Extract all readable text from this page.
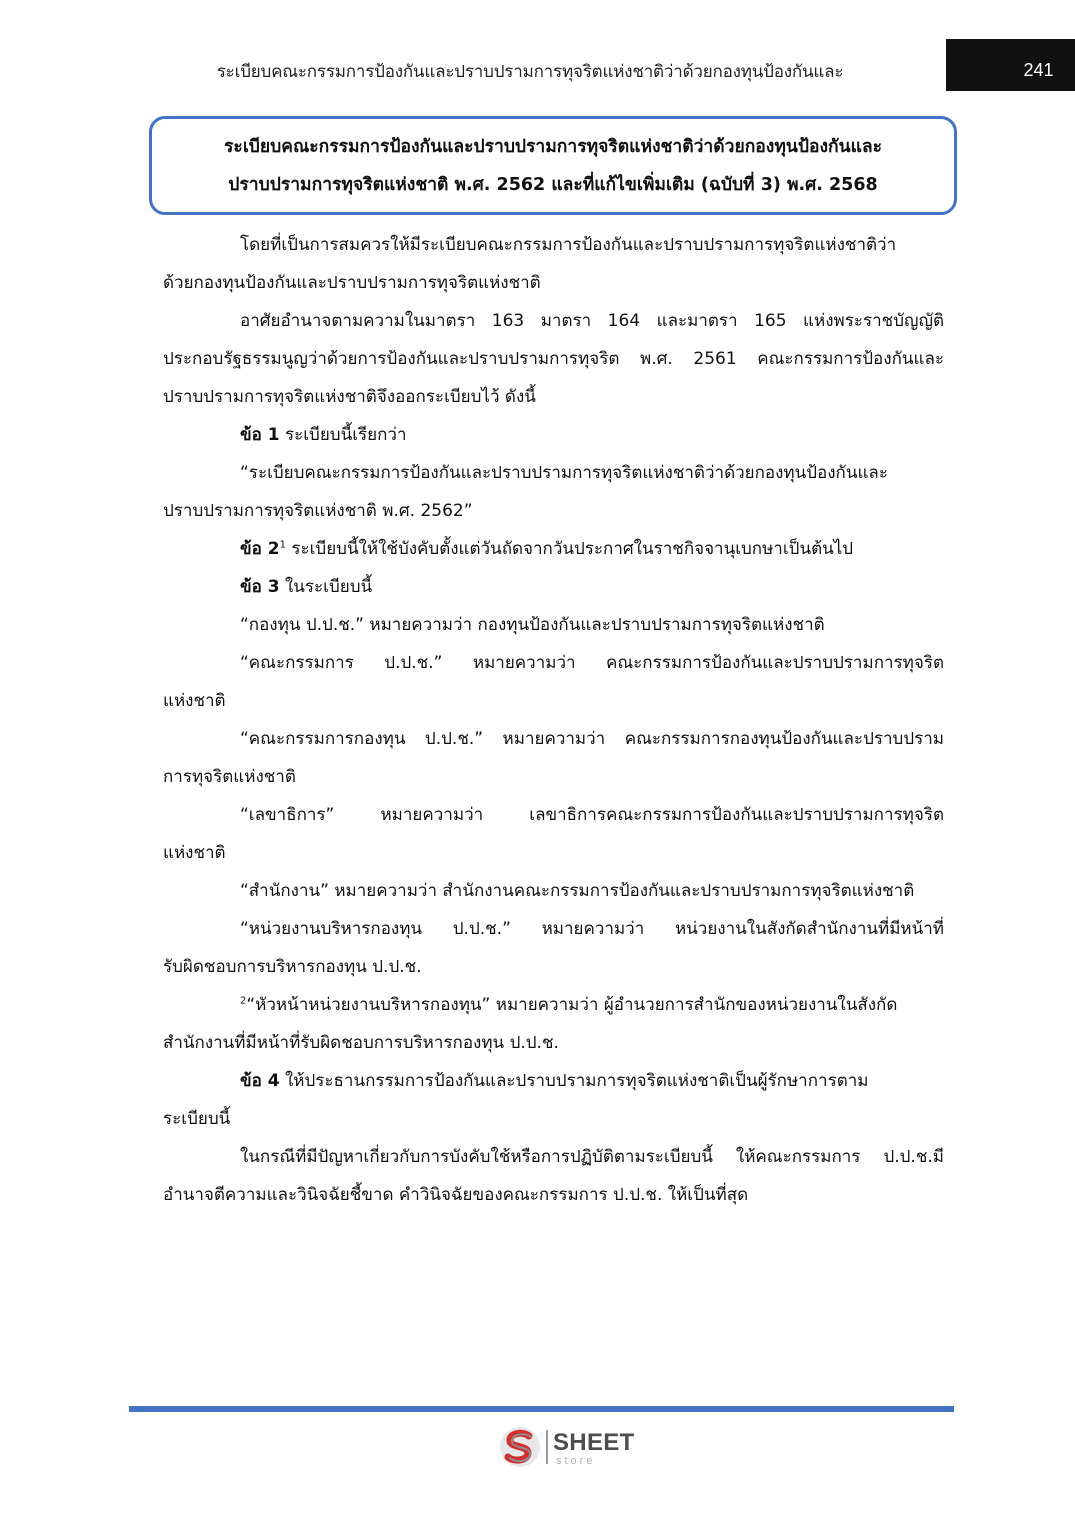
ระเบียบคณะกรรมการป้องกันและปราบปรามการทุจริตแห่งชาติว่าด้วยกองทุนป้องกันและ	241
ระเบียบคณะกรรมการป้องกันและปราบปรามการทุจริตแห่งชาติว่าด้วยกองทุนป้องกันและ
ปราบปรามการทุจริตแห่งชาติ พ.ศ. 2562 และที่แก้ไขเพิ่มเติม (ฉบับที่ 3) พ.ศ. 2568
โดยที่เป็นการสมควรให้มีระเบียบคณะกรรมการป้องกันและปราบปรามการทุจริตแห่งชาติว่า
ด้วยกองทุนป้องกันและปราบปรามการทุจริตแห่งชาติ
อาศัยอำนาจตามความในมาตรา 163 มาตรา 164 และมาตรา 165 แห่งพระราชบัญญัติ
ประกอบรัฐธรรมนูญว่าด้วยการป้องกันและปราบปรามการทุจริต พ.ศ. 2561 คณะกรรมการป้องกันและ
ปราบปรามการทุจริตแห่งชาติจึงออกระเบียบไว้ ดังนี้
ข้อ 1 ระเบียบนี้เรียกว่า
“ระเบียบคณะกรรมการป้องกันและปราบปรามการทุจริตแห่งชาติว่าด้วยกองทุนป้องกันและ
ปราบปรามการทุจริตแห่งชาติ พ.ศ. 2562”
ข้อ $2^1$ ระเบียบนี้ให้ใช้บังคับตั้งแต่วันถัดจากวันประกาศในราชกิจจานุเบกษาเป็นต้นไป
ข้อ 3 ในระเบียบนี้
“กองทุน ป.ป.ช.” หมายความว่า กองทุนป้องกันและปราบปรามการทุจริตแห่งชาติ
“คณะกรรมการ ป.ป.ช.” หมายความว่า คณะกรรมการป้องกันและปราบปรามการทุจริต
แห่งชาติ
“คณะกรรมการกองทุน ป.ป.ช.” หมายความว่า คณะกรรมการกองทุนป้องกันและปราบปราม
การทุจริตแห่งชาติ
“เลขาธิการ” หมายความว่า เลขาธิการคณะกรรมการป้องกันและปราบปรามการทุจริต
แห่งชาติ
“สำนักงาน” หมายความว่า สำนักงานคณะกรรมการป้องกันและปราบปรามการทุจริตแห่งชาติ
“หน่วยงานบริหารกองทุน ป.ป.ช.” หมายความว่า หน่วยงานในสังกัดสำนักงานที่มีหน้าที่
รับผิดชอบการบริหารกองทุน ป.ป.ช.
$^2$“หัวหน้าหน่วยงานบริหารกองทุน” หมายความว่า ผู้อำนวยการสำนักของหน่วยงานในสังกัด
สำนักงานที่มีหน้าที่รับผิดชอบการบริหารกองทุน ป.ป.ช.
ข้อ 4 ให้ประธานกรรมการป้องกันและปราบปรามการทุจริตแห่งชาติเป็นผู้รักษาการตาม
ระเบียบนี้
ในกรณีที่มีปัญหาเกี่ยวกับการบังคับใช้หรือการปฏิบัติตามระเบียบนี้ ให้คณะกรรมการ ป.ป.ช.มี
อำนาจตีความและวินิจฉัยชี้ขาด คำวินิจฉัยของคณะกรรมการ ป.ป.ช. ให้เป็นที่สุด
SHEET
store
